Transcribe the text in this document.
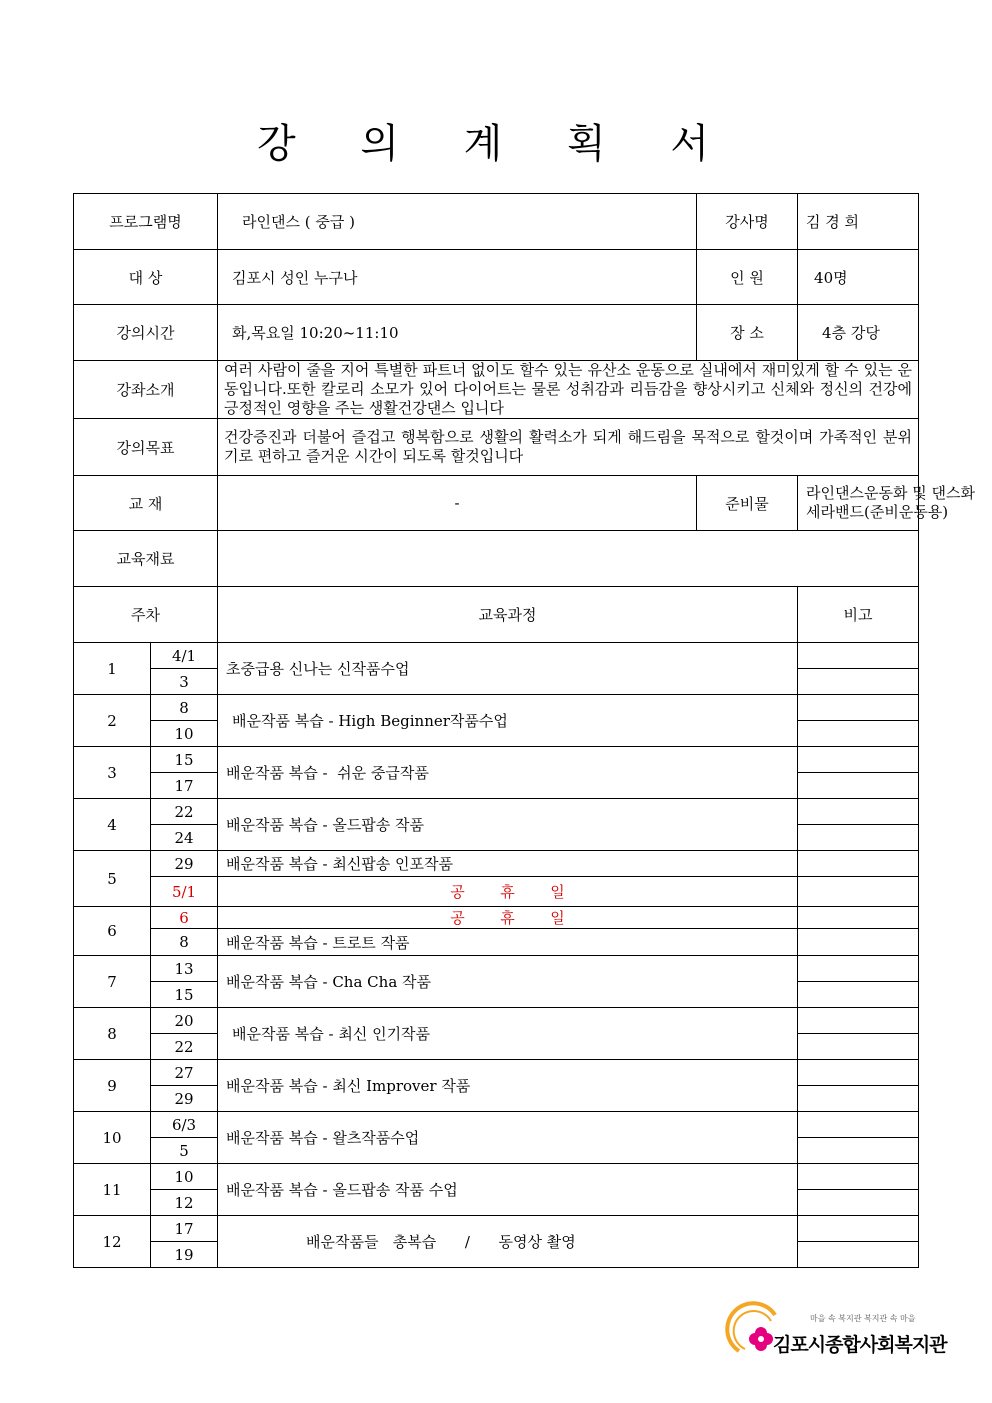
강 의 계 획 서
프로그램명		라인댄스 ( 중급 )	강사명	김 경 희
대 상		김포시 성인 누구나	인 원	40명
강의시간		화,목요일 10:20~11:10	장 소	4층 강당
강좌소개		여러 사람이 줄을 지어 특별한 파트너 없이도 할수 있는 유산소 운동으로 실내에서 재미있게 할 수 있는 운동입니다.또한 칼로리 소모가 있어 다이어트는 물론 성취감과 리듬감을 향상시키고 신체와 정신의 건강에 긍정적인 영향을 주는 생활건강댄스 입니다		
강의목표		건강증진과 더불어 즐겁고 행복함으로 생활의 활력소가 되게 해드림을 목적으로 할것이며 가족적인 분위기로 편하고 즐거운 시간이 되도록 할것입니다		
교 재		-	준비물	라인댄스운동화 및 댄스화
세라밴드(준비운동용)

교육재료				
주차		교육과정		비고
1	4/1	초중급용 신나는 신작품수업		
	3			
2	8	배운작품 복습 - High Beginner작품수업		
	10			
3	15	배운작품 복습 -  쉬운 중급작품		
	17			
4	22	배운작품 복습 - 올드팝송 작품		
	24			
5	29	배운작품 복습 - 최신팝송 인포작품		
	5/1	공 휴 일		
6	6	공 휴 일		
	8	배운작품 복습 - 트로트 작품		
7	13	배운작품 복습 - Cha Cha 작품		
	15			
8	20	배운작품 복습 - 최신 인기작품		
	22			
9	27	배운작품 복습 - 최신 Improver 작품		
	29			
10	6/3	배운작품 복습 - 왈츠작품수업		
	5			
11	10	배운작품 복습 - 올드팝송 작품 수업		
	12			
12	17	배운작품들   총복습      /      동영상 촬영		
	19			
마을 속 복지관 복지관 속 마을
김포시종합사회복지관
